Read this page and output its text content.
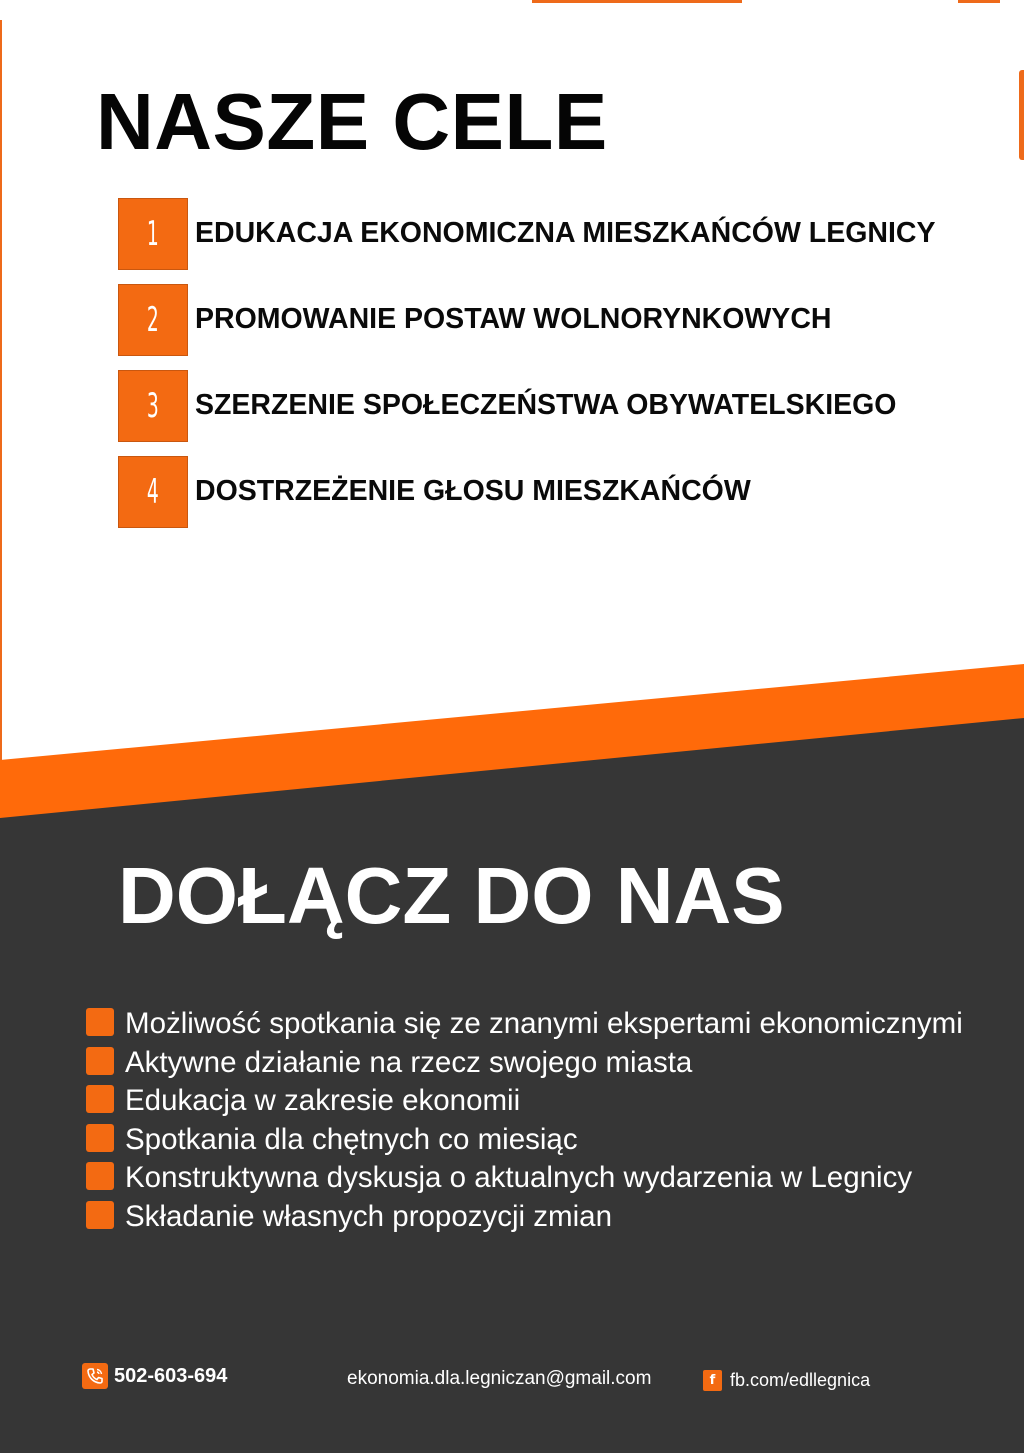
NASZE CELE
1 EDUKACJA EKONOMICZNA MIESZKAŃCÓW LEGNICY
2 PROMOWANIE POSTAW WOLNORYNKOWYCH
3 SZERZENIE SPOŁECZEŃSTWA OBYWATELSKIEGO
4 DOSTRZEŻENIE GŁOSU MIESZKAŃCÓW
DOŁĄCZ DO NAS
Możliwość spotkania się ze znanymi ekspertami ekonomicznymi
Aktywne działanie na rzecz swojego miasta
Edukacja w zakresie ekonomii
Spotkania dla chętnych co miesiąc
Konstruktywna dyskusja o aktualnych wydarzenia w Legnicy
Składanie własnych propozycji zmian
502-603-694	ekonomia.dla.legniczan@gmail.com	f fb.com/edllegnica
